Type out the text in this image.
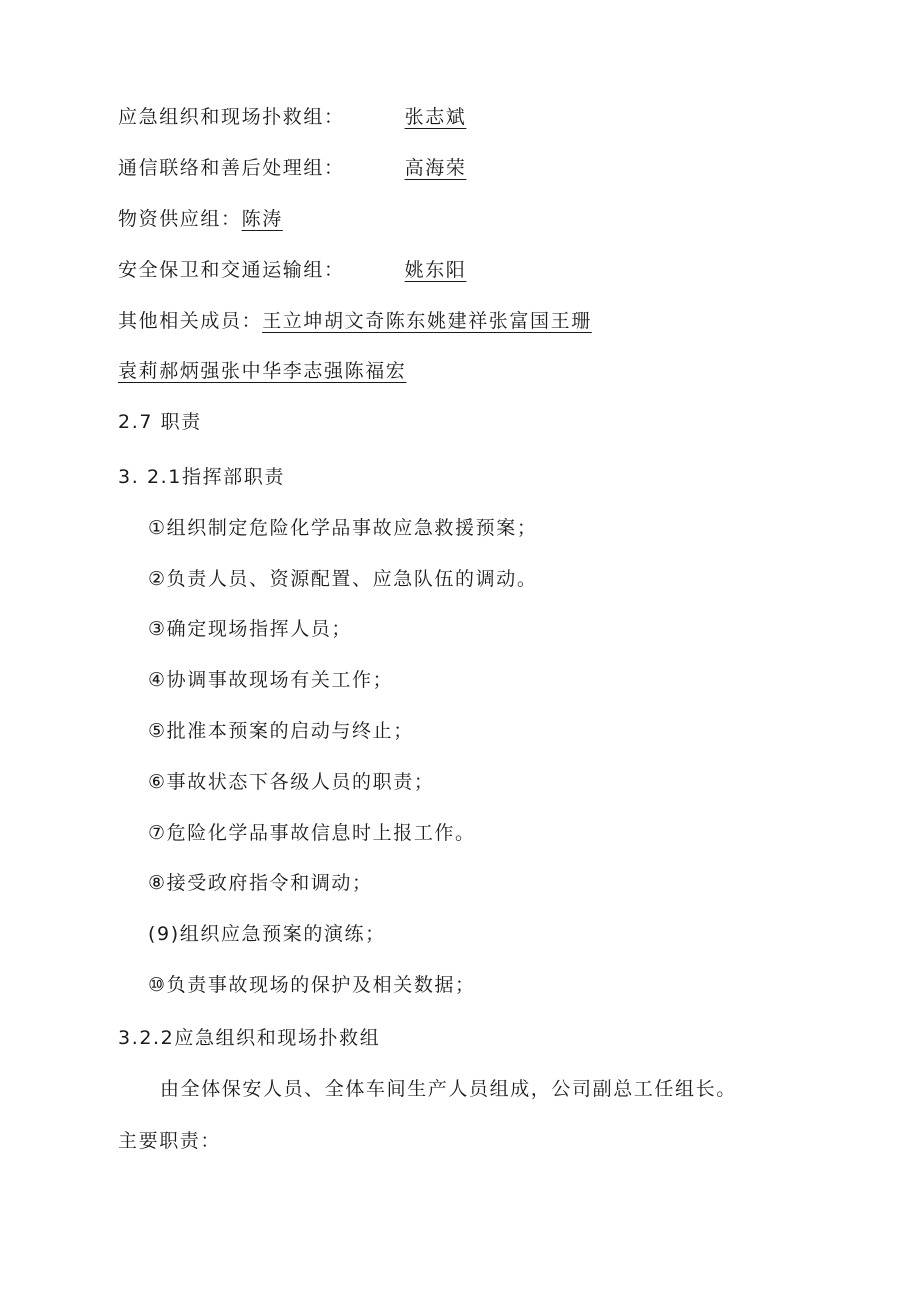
应急组织和现场扑救组：	张志斌
通信联络和善后处理组：	高海荣
物资供应组：陈涛
安全保卫和交通运输组：	姚东阳
其他相关成员：王立坤胡文奇陈东姚建祥张富国王珊
袁莉郝炳强张中华李志强陈福宏
2.7 职责
3. 2.1指挥部职责
①组织制定危险化学品事故应急救援预案；
②负责人员、资源配置、应急队伍的调动。
③确定现场指挥人员；
④协调事故现场有关工作；
⑤批准本预案的启动与终止；
⑥事故状态下各级人员的职责；
⑦危险化学品事故信息时上报工作。
⑧接受政府指令和调动；
(9)组织应急预案的演练；
⑩负责事故现场的保护及相关数据；
3.2.2应急组织和现场扑救组
由全体保安人员、全体车间生产人员组成，公司副总工任组长。
主要职责：
